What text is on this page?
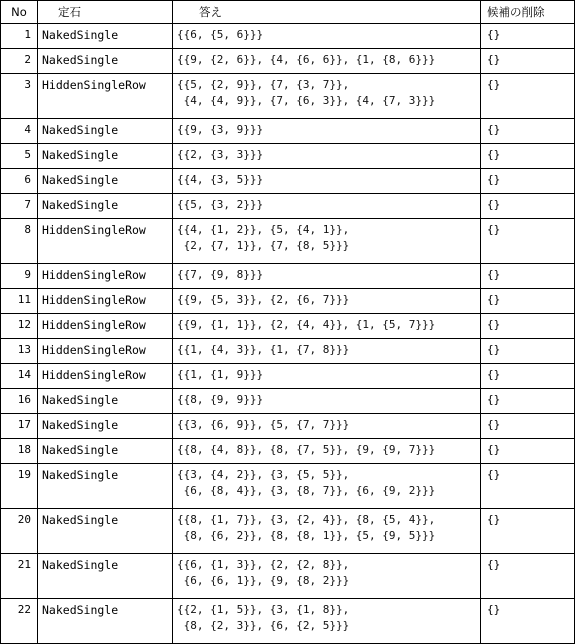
No	定石	答え	候補の削除
1	NakedSingle	{{6, {5, 6}}}	{}
2	NakedSingle	{{9, {2, 6}}, {4, {6, 6}}, {1, {8, 6}}}	{}
3	HiddenSingleRow	{{5, {2, 9}}, {7, {3, 7}},
{4, {4, 9}}, {7, {6, 3}}, {4, {7, 3}}}	{}
4	NakedSingle	{{9, {3, 9}}}	{}
5	NakedSingle	{{2, {3, 3}}}	{}
6	NakedSingle	{{4, {3, 5}}}	{}
7	NakedSingle	{{5, {3, 2}}}	{}
8	HiddenSingleRow	{{4, {1, 2}}, {5, {4, 1}},
{2, {7, 1}}, {7, {8, 5}}}	{}
9	HiddenSingleRow	{{7, {9, 8}}}	{}
11	HiddenSingleRow	{{9, {5, 3}}, {2, {6, 7}}}	{}
12	HiddenSingleRow	{{9, {1, 1}}, {2, {4, 4}}, {1, {5, 7}}}	{}
13	HiddenSingleRow	{{1, {4, 3}}, {1, {7, 8}}}	{}
14	HiddenSingleRow	{{1, {1, 9}}}	{}
16	NakedSingle	{{8, {9, 9}}}	{}
17	NakedSingle	{{3, {6, 9}}, {5, {7, 7}}}	{}
18	NakedSingle	{{8, {4, 8}}, {8, {7, 5}}, {9, {9, 7}}}	{}
19	NakedSingle	{{3, {4, 2}}, {3, {5, 5}},
{6, {8, 4}}, {3, {8, 7}}, {6, {9, 2}}}	{}
20	NakedSingle	{{8, {1, 7}}, {3, {2, 4}}, {8, {5, 4}},
{8, {6, 2}}, {8, {8, 1}}, {5, {9, 5}}}	{}
21	NakedSingle	{{6, {1, 3}}, {2, {2, 8}},
{6, {6, 1}}, {9, {8, 2}}}	{}
22	NakedSingle	{{2, {1, 5}}, {3, {1, 8}},
{8, {2, 3}}, {6, {2, 5}}}	{}
